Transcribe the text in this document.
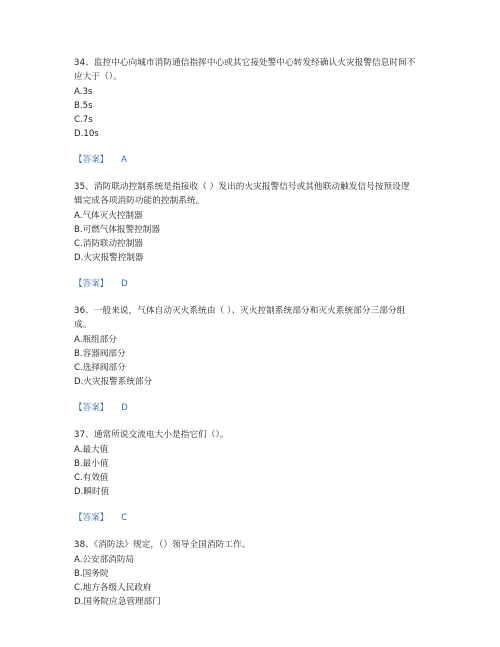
34、监控中心向城市消防通信指挥中心或其它接处警中心转发经确认火灾报警信息时间不
应大于（）。

A.3s

B.5s

C.7s

D.10s

【答案】 A

35、消防联动控制系统是指接收（ ）发出的火灾报警信号或其他联动触发信号按预设逻
辑完成各项消防功能的控制系统。

A.气体灭火控制器

B.可燃气体报警控制器

C.消防联动控制器

D.火灾报警控制器

【答案】 D

36、一般来说，气体自动灭火系统由（ ）、灭火控制系统部分和灭火系统部分三部分组
成。

A.瓶组部分

B.容器阀部分

C.选择阀部分

D.火灾报警系统部分

【答案】 D

37、通常所说交流电大小是指它们（）。

A.最大值

B.最小值

C.有效值

D.瞬时值

【答案】 C

38、《消防法》规定，（）领导全国消防工作。

A.公安部消防局

B.国务院

C.地方各级人民政府

D.国务院应急管理部门
